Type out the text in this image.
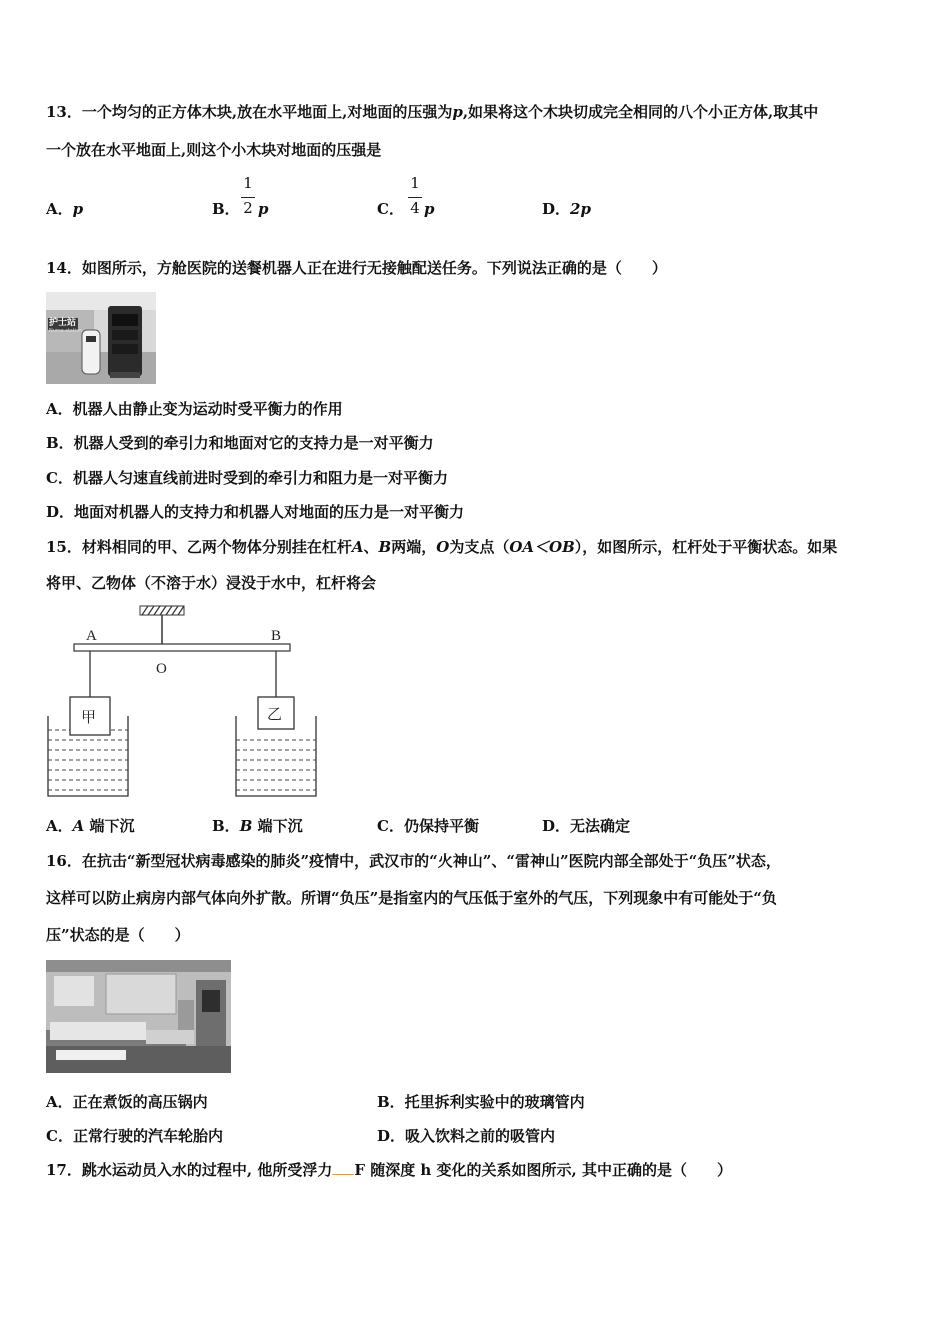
13．一个均匀的正方体木块,放在水平地面上,对地面的压强为p,如果将这个木块切成完全相同的八个小正方体,取其中
一个放在水平地面上,则这个小木块对地面的压强是
A．p	B．
1
2 p	C．
1
4 p	D．2p
14．如图所示，方舱医院的送餐机器人正在进行无接触配送任务。下列说法正确的是（　　）
护士站
Nurse station
A．机器人由静止变为运动时受平衡力的作用
B．机器人受到的牵引力和地面对它的支持力是一对平衡力
C．机器人匀速直线前进时受到的牵引力和阻力是一对平衡力
D．地面对机器人的支持力和机器人对地面的压力是一对平衡力
15．材料相同的甲、乙两个物体分别挂在杠杆A、B两端，O为支点（OA＜OB），如图所示，杠杆处于平衡状态。如果
将甲、乙物体（不溶于水）浸没于水中，杠杆将会
A	B
O
甲	乙
A．A 端下沉	B．B 端下沉	C．仍保持平衡	D．无法确定
16．在抗击“新型冠状病毒感染的肺炎”疫情中，武汉市的“火神山”、“雷神山”医院内部全部处于“负压”状态，
这样可以防止病房内部气体向外扩散。所谓“负压”是指室内的气压低于室外的气压，下列现象中有可能处于“负
压”状态的是（　　）
A．正在煮饭的高压锅内	B．托里拆利实验中的玻璃管内
C．正常行驶的汽车轮胎内	D．吸入饮料之前的吸管内
17．跳水运动员入水的过程中, 他所受浮力 F 随深度 h 变化的关系如图所示, 其中正确的是（　　）
